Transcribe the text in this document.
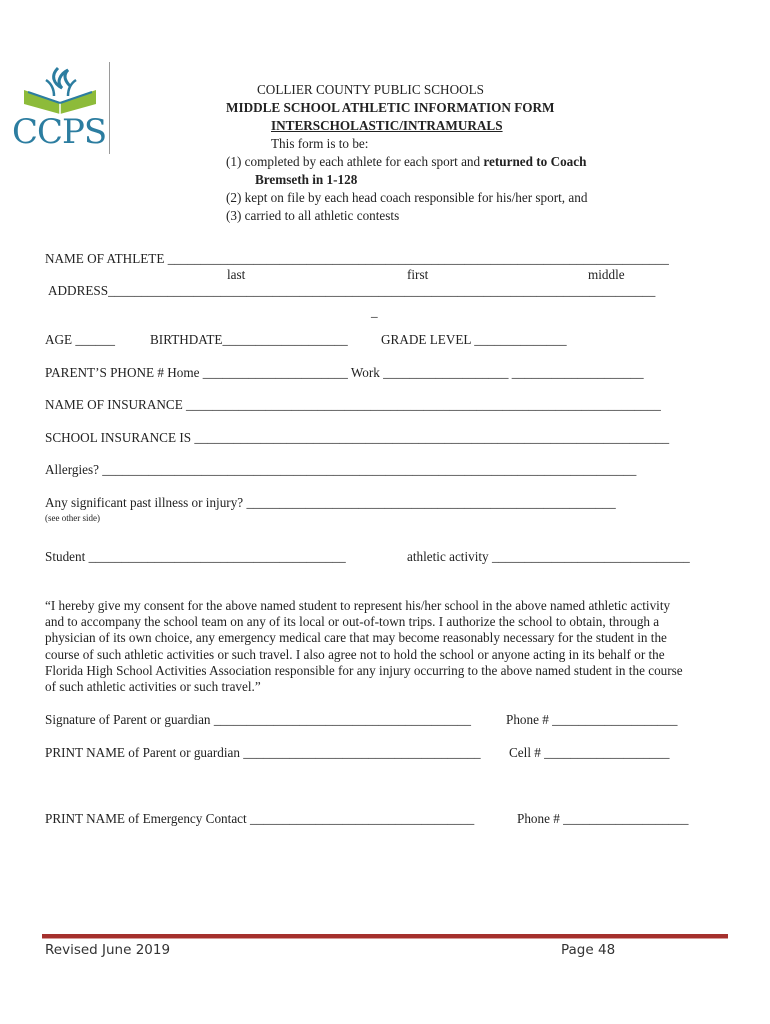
CCPS
COLLIER COUNTY PUBLIC SCHOOLS
MIDDLE SCHOOL ATHLETIC INFORMATION FORM
INTERSCHOLASTIC/INTRAMURALS
This form is to be:
(1) completed by each athlete for each sport and returned to Coach
Bremseth in 1-128
(2) kept on file by each head coach responsible for his/her sport, and
(3) carried to all athletic contests
NAME OF ATHLETE ____________________________________________________________________________
last	first	middle
ADDRESS___________________________________________________________________________________
_
AGE ______	BIRTHDATE___________________	GRADE LEVEL ______________
PARENT’S PHONE # Home ______________________ Work ___________________ ____________________
NAME OF INSURANCE ________________________________________________________________________
SCHOOL INSURANCE IS ________________________________________________________________________
Allergies? _________________________________________________________________________________
Any significant past illness or injury? ________________________________________________________
(see other side)
Student _______________________________________	athletic activity ______________________________

“I hereby give my consent for the above named student to represent his/her school in the above named athletic activity

and to accompany the school team on any of its local or out-of-town trips. I authorize the school to obtain, through a

physician of its own choice, any emergency medical care that may become reasonably necessary for the student in the

course of such athletic activities or such travel. I also agree not to hold the school or anyone acting in its behalf or the

Florida High School Activities Association responsible for any injury occurring to the above named student in the course

of such athletic activities or such travel.”

Signature of Parent or guardian _______________________________________	Phone # ___________________
PRINT NAME of Parent or guardian ____________________________________ Cell # ___________________
PRINT NAME of Emergency Contact __________________________________	Phone # ___________________
Revised June 2019	Page 48
